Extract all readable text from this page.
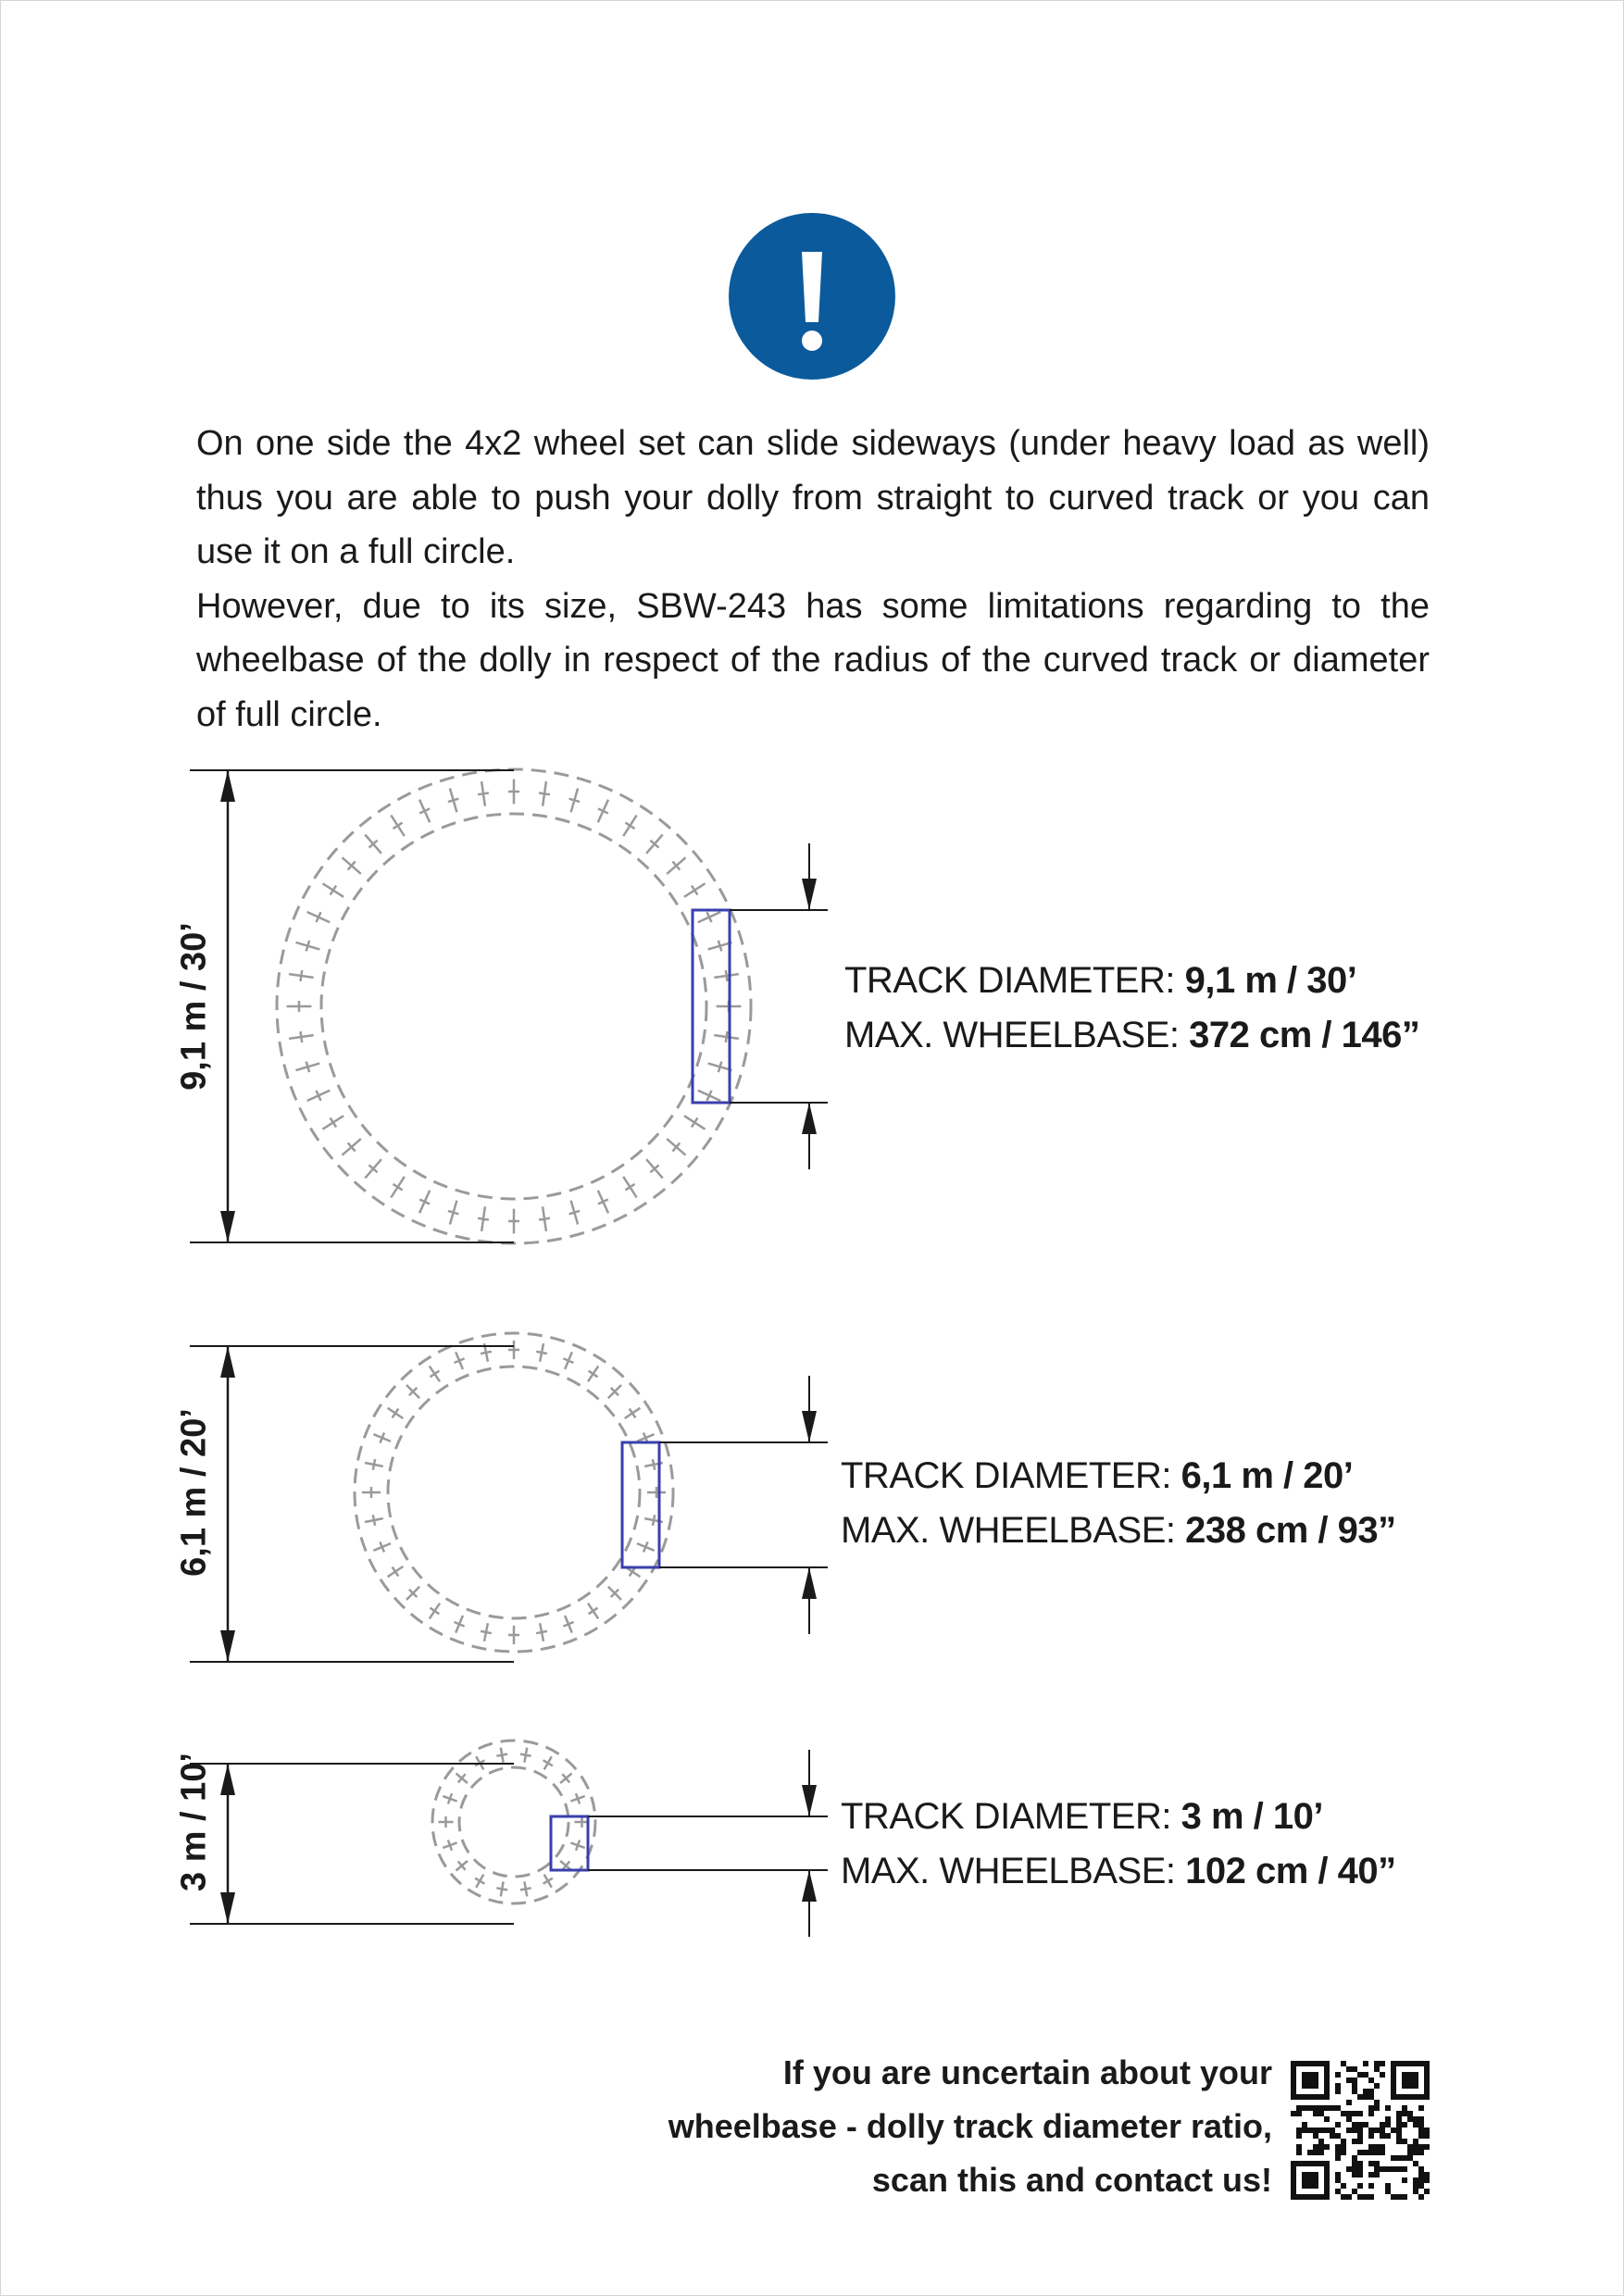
On one side the 4x2 wheel set can slide sideways (under heavy load as well) thus you are able to push your dolly from straight to curved track or you can use it on a full circle.

However, due to its size, SBW-243 has some limitations regarding to the wheelbase of the dolly in respect of the radius of the curved track or diameter of full circle.

9,1 m / 30’
6,1 m / 20’
3 m / 10’
TRACK DIAMETER: 9,1 m / 30’
MAX. WHEELBASE: 372 cm / 146”
TRACK DIAMETER: 6,1 m / 20’
MAX. WHEELBASE: 238 cm / 93”
TRACK DIAMETER: 3 m / 10’
MAX. WHEELBASE: 102 cm / 40”
If you are uncertain about your
wheelbase - dolly track diameter ratio,
scan this and contact us!
